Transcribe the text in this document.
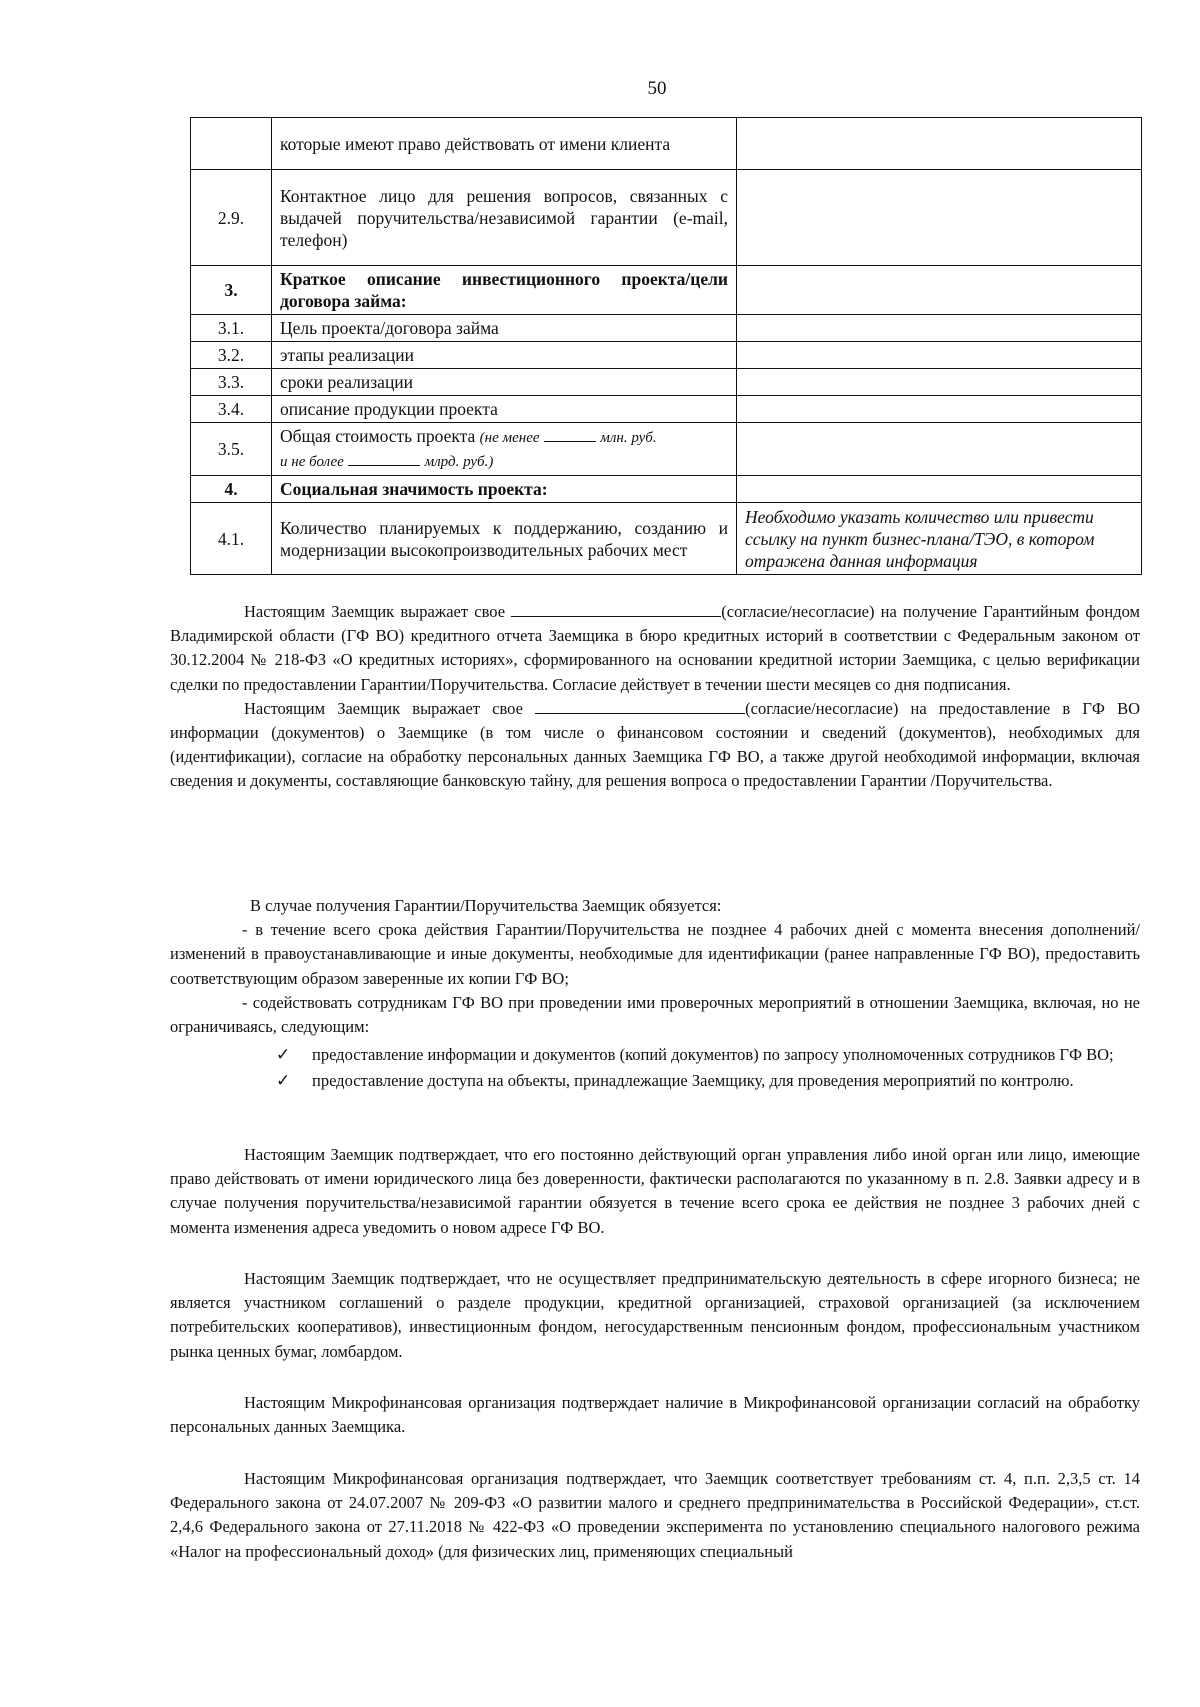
50
	которые имеют право действовать от имени клиента	
2.9.	Контактное лицо для решения вопросов, связанных с выдачей поручительства/независимой гарантии (e-mail, телефон)	
3.	Краткое описание инвестиционного проекта/цели договора займа:	
3.1.	Цель проекта/договора займа	
3.2.	этапы реализации	
3.3.	сроки реализации	
3.4.	описание продукции проекта	
3.5.	Общая стоимость проекта (не менее млн. руб.
и не более млрд. руб.)	
4.	Социальная значимость проекта:	
4.1.	Количество планируемых к поддержанию, созданию и модернизации высокопроизводительных рабочих мест	Необходимо указать количество или привести ссылку на пункт бизнес-плана/ТЭО, в котором отражена данная информация

Настоящим Заемщик выражает свое	(согласие/несогласие) на получение Гарантийным фондом Владимирской области (ГФ ВО) кредитного отчета Заемщика в бюро кредитных историй в соответствии с Федеральным законом от 30.12.2004 № 218-ФЗ «О кредитных историях», сформированного на основании кредитной истории Заемщика, с целью верификации сделки по предоставлении Гарантии/Поручительства. Согласие действует в течении шести месяцев со дня подписания.

Настоящим Заемщик выражает свое	(согласие/несогласие) на предоставление в ГФ ВО информации (документов) о Заемщике (в том числе о финансовом состоянии и сведений (документов), необходимых для (идентификации), согласие на обработку персональных данных Заемщика ГФ ВО, а также другой необходимой информации, включая сведения и документы, составляющие банковскую тайну, для решения вопроса о предоставлении Гарантии /Поручительства.

В случае получения Гарантии/Поручительства Заемщик обязуется:

- в течение всего срока действия Гарантии/Поручительства не позднее 4 рабочих дней с момента внесения дополнений/изменений в правоустанавливающие и иные документы, необходимые для идентификации (ранее направленные ГФ ВО), предоставить соответствующим образом заверенные их копии ГФ ВО;

- содействовать сотрудникам ГФ ВО при проведении ими проверочных мероприятий в отношении Заемщика, включая, но не ограничиваясь, следующим:

✓	предоставление информации и документов (копий документов) по запросу уполномоченных сотрудников ГФ ВО;
✓	предоставление доступа на объекты, принадлежащие Заемщику, для проведения мероприятий по контролю.

Настоящим Заемщик подтверждает, что его постоянно действующий орган управления либо иной орган или лицо, имеющие право действовать от имени юридического лица без доверенности, фактически располагаются по указанному в п. 2.8. Заявки адресу и в случае получения поручительства/независимой гарантии обязуется в течение всего срока ее действия не позднее 3 рабочих дней с момента изменения адреса уведомить о новом адресе ГФ ВО.

Настоящим Заемщик подтверждает, что не осуществляет предпринимательскую деятельность в сфере игорного бизнеса; не является участником соглашений о разделе продукции, кредитной организацией, страховой организацией (за исключением потребительских кооперативов), инвестиционным фондом, негосударственным пенсионным фондом, профессиональным участником рынка ценных бумаг, ломбардом.

Настоящим Микрофинансовая организация подтверждает наличие в Микрофинансовой организации согласий на обработку персональных данных Заемщика.

Настоящим Микрофинансовая организация подтверждает, что Заемщик соответствует требованиям ст. 4, п.п. 2,3,5 ст. 14 Федерального закона от 24.07.2007 № 209-ФЗ «О развитии малого и среднего предпринимательства в Российской Федерации», ст.ст. 2,4,6 Федерального закона от 27.11.2018 № 422-ФЗ «О проведении эксперимента по установлению специального налогового режима «Налог на профессиональный доход» (для физических лиц, применяющих специальный
